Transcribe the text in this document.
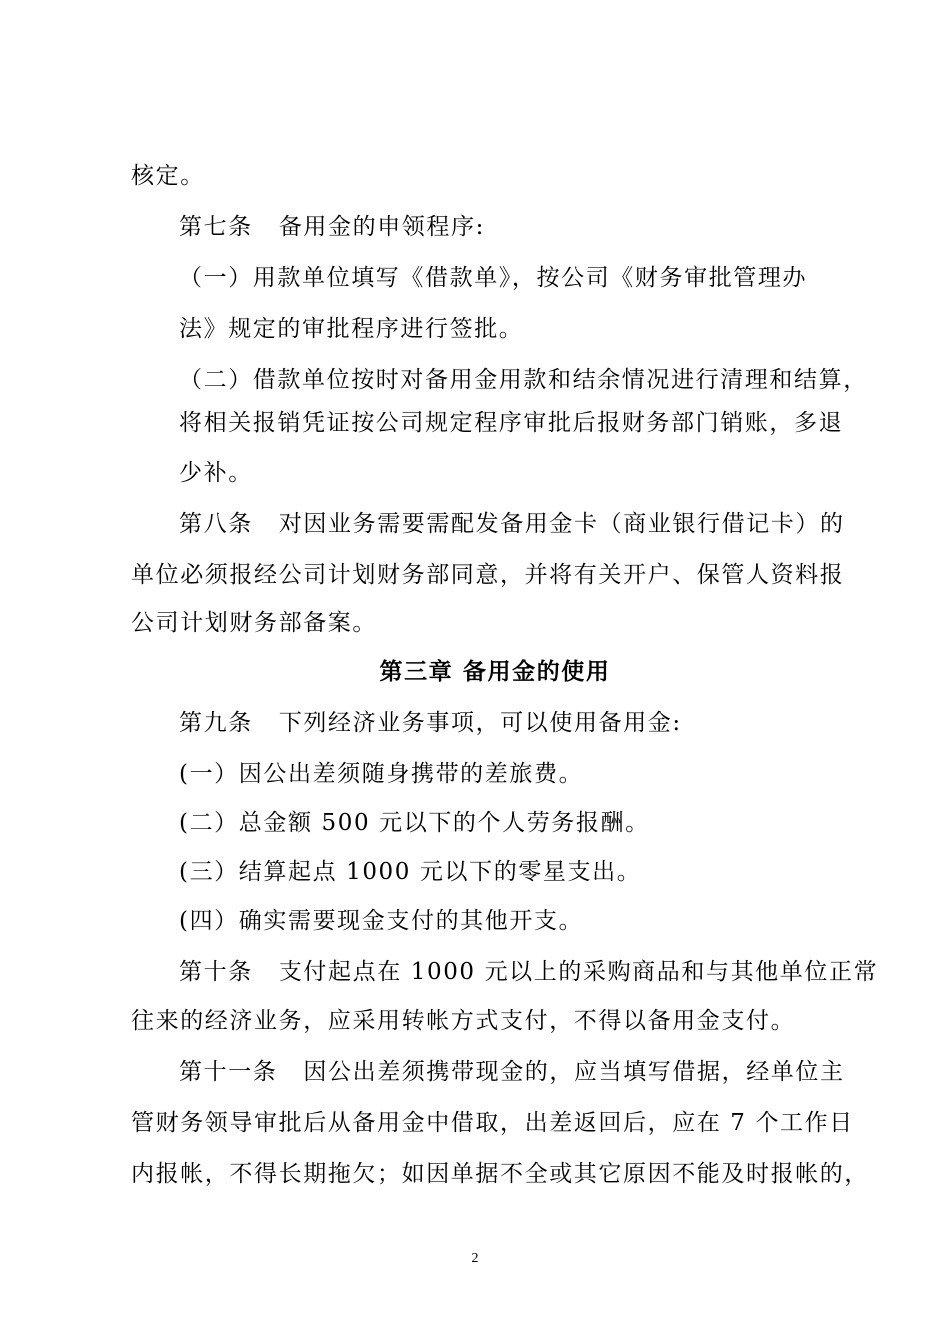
核定。

第七条 备用金的申领程序:

（一）用款单位填写《借款单》，按公司《财务审批管理办

法》规定的审批程序进行签批。

（二）借款单位按时对备用金用款和结余情况进行清理和结算，

将相关报销凭证按公司规定程序审批后报财务部门销账，多退

少补。

第八条 对因业务需要需配发备用金卡（商业银行借记卡）的

单位必须报经公司计划财务部同意，并将有关开户、保管人资料报

公司计划财务部备案。

第三章 备用金的使用

第九条 下列经济业务事项，可以使用备用金:

(一）因公出差须随身携带的差旅费。

(二）总金额 500 元以下的个人劳务报酬。

(三）结算起点 1000 元以下的零星支出。

(四）确实需要现金支付的其他开支。

第十条 支付起点在 1000 元以上的采购商品和与其他单位正常

往来的经济业务，应采用转帐方式支付，不得以备用金支付。

第十一条 因公出差须携带现金的，应当填写借据，经单位主

管财务领导审批后从备用金中借取，出差返回后，应在 7 个工作日

内报帐，不得长期拖欠；如因单据不全或其它原因不能及时报帐的，

2
